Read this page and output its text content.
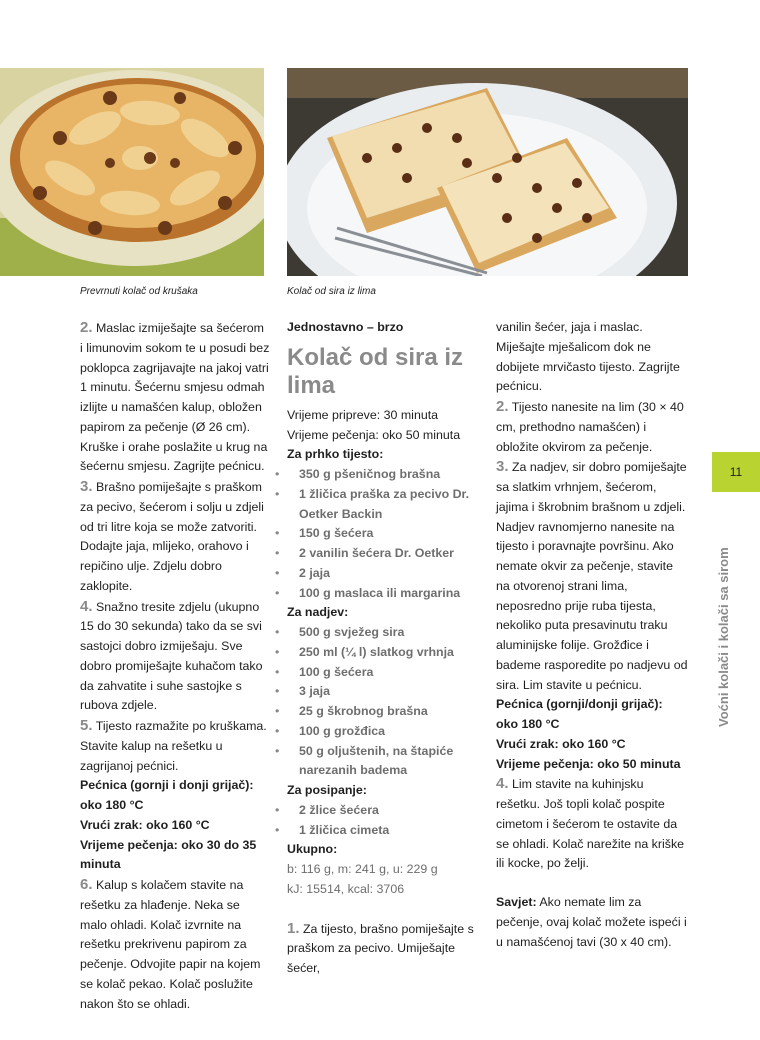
Prevrnuti kolač od krušaka	Kolač od sira iz lima

2. Maslac izmiješajte sa šećerom i limunovim sokom te u posudi bez poklopca zagrijavajte na jakoj vatri 1 minutu. Šećernu smjesu odmah izlijte u namašćen kalup, obložen papirom za pečenje (Ø 26 cm). Kruške i orahe poslažite u krug na šećernu smjesu. Zagrijte pećnicu.

3. Brašno pomiješajte s praškom za pecivo, šećerom i solju u zdjeli od tri litre koja se može zatvoriti. Dodajte jaja, mlijeko, orahovo i repičino ulje. Zdjelu dobro zaklopite.

4. Snažno tresite zdjelu (ukupno 15 do 30 sekunda) tako da se svi sastojci dobro izmiješaju. Sve dobro promiješajte kuhačom tako da zahvatite i suhe sastojke s rubova zdjele.

5. Tijesto razmažite po kruškama. Stavite kalup na rešetku u zagrijanoj pećnici.

Pećnica (gornji i donji grijač):

oko 180 °C

Vrući zrak: oko 160 °C

Vrijeme pečenja: oko 30 do 35 minuta

6. Kalup s kolačem stavite na rešetku za hlađenje. Neka se malo ohladi. Kolač izvrnite na rešetku prekrivenu papirom za pečenje. Odvojite papir na kojem se kolač pekao. Kolač poslužite nakon što se ohladi.

Jednostavno – brzo

Kolač od sira iz lima

Vrijeme pripreve: 30 minuta

Vrijeme pečenja: oko 50 minuta

Za prhko tijesto:

• 350 g pšeničnog brašna

• 1 žličica praška za pecivo Dr. Oetker Backin

• 150 g šećera

• 2 vanilin šećera Dr. Oetker

• 2 jaja

• 100 g maslaca ili margarina

Za nadjev:

• 500 g svježeg sira

• 250 ml (¼ l) slatkog vrhnja

• 100 g šećera

• 3 jaja

• 25 g škrobnog brašna

• 100 g grožđica

• 50 g oljuštenih, na štapiće narezanih badema

Za posipanje:

• 2 žlice šećera

• 1 žličica cimeta

Ukupno:

b: 116 g, m: 241 g, u: 229 g

kJ: 15514, kcal: 3706

1. Za tijesto, brašno pomiješajte s praškom za pecivo. Umiješajte šećer,

vanilin šećer, jaja i maslac. Miješajte mješalicom dok ne dobijete mrvičasto tijesto. Zagrijte pećnicu.

2. Tijesto nanesite na lim (30 × 40 cm, prethodno namašćen) i obložite okvirom za pečenje.

3. Za nadjev, sir dobro pomiješajte sa slatkim vrhnjem, šećerom, jajima i škrobnim brašnom u zdjeli. Nadjev ravnomjerno nanesite na tijesto i poravnajte površinu. Ako nemate okvir za pečenje, stavite na otvorenoj strani lima, neposredno prije ruba tijesta, nekoliko puta presavinutu traku aluminijske folije. Grožđice i bademe rasporedite po nadjevu od sira. Lim stavite u pećnicu.

Pećnica (gornji/donji grijač):

oko 180 °C

Vrući zrak: oko 160 °C

Vrijeme pečenja: oko 50 minuta

4. Lim stavite na kuhinjsku rešetku. Još topli kolač pospite cimetom i šećerom te ostavite da se ohladi. Kolač narežite na kriške ili kocke, po želji.

Savjet: Ako nemate lim za pečenje, ovaj kolač možete ispeći i u namašćenoj tavi (30 x 40 cm).

11
Voćni kolači i kolači sa sirom
